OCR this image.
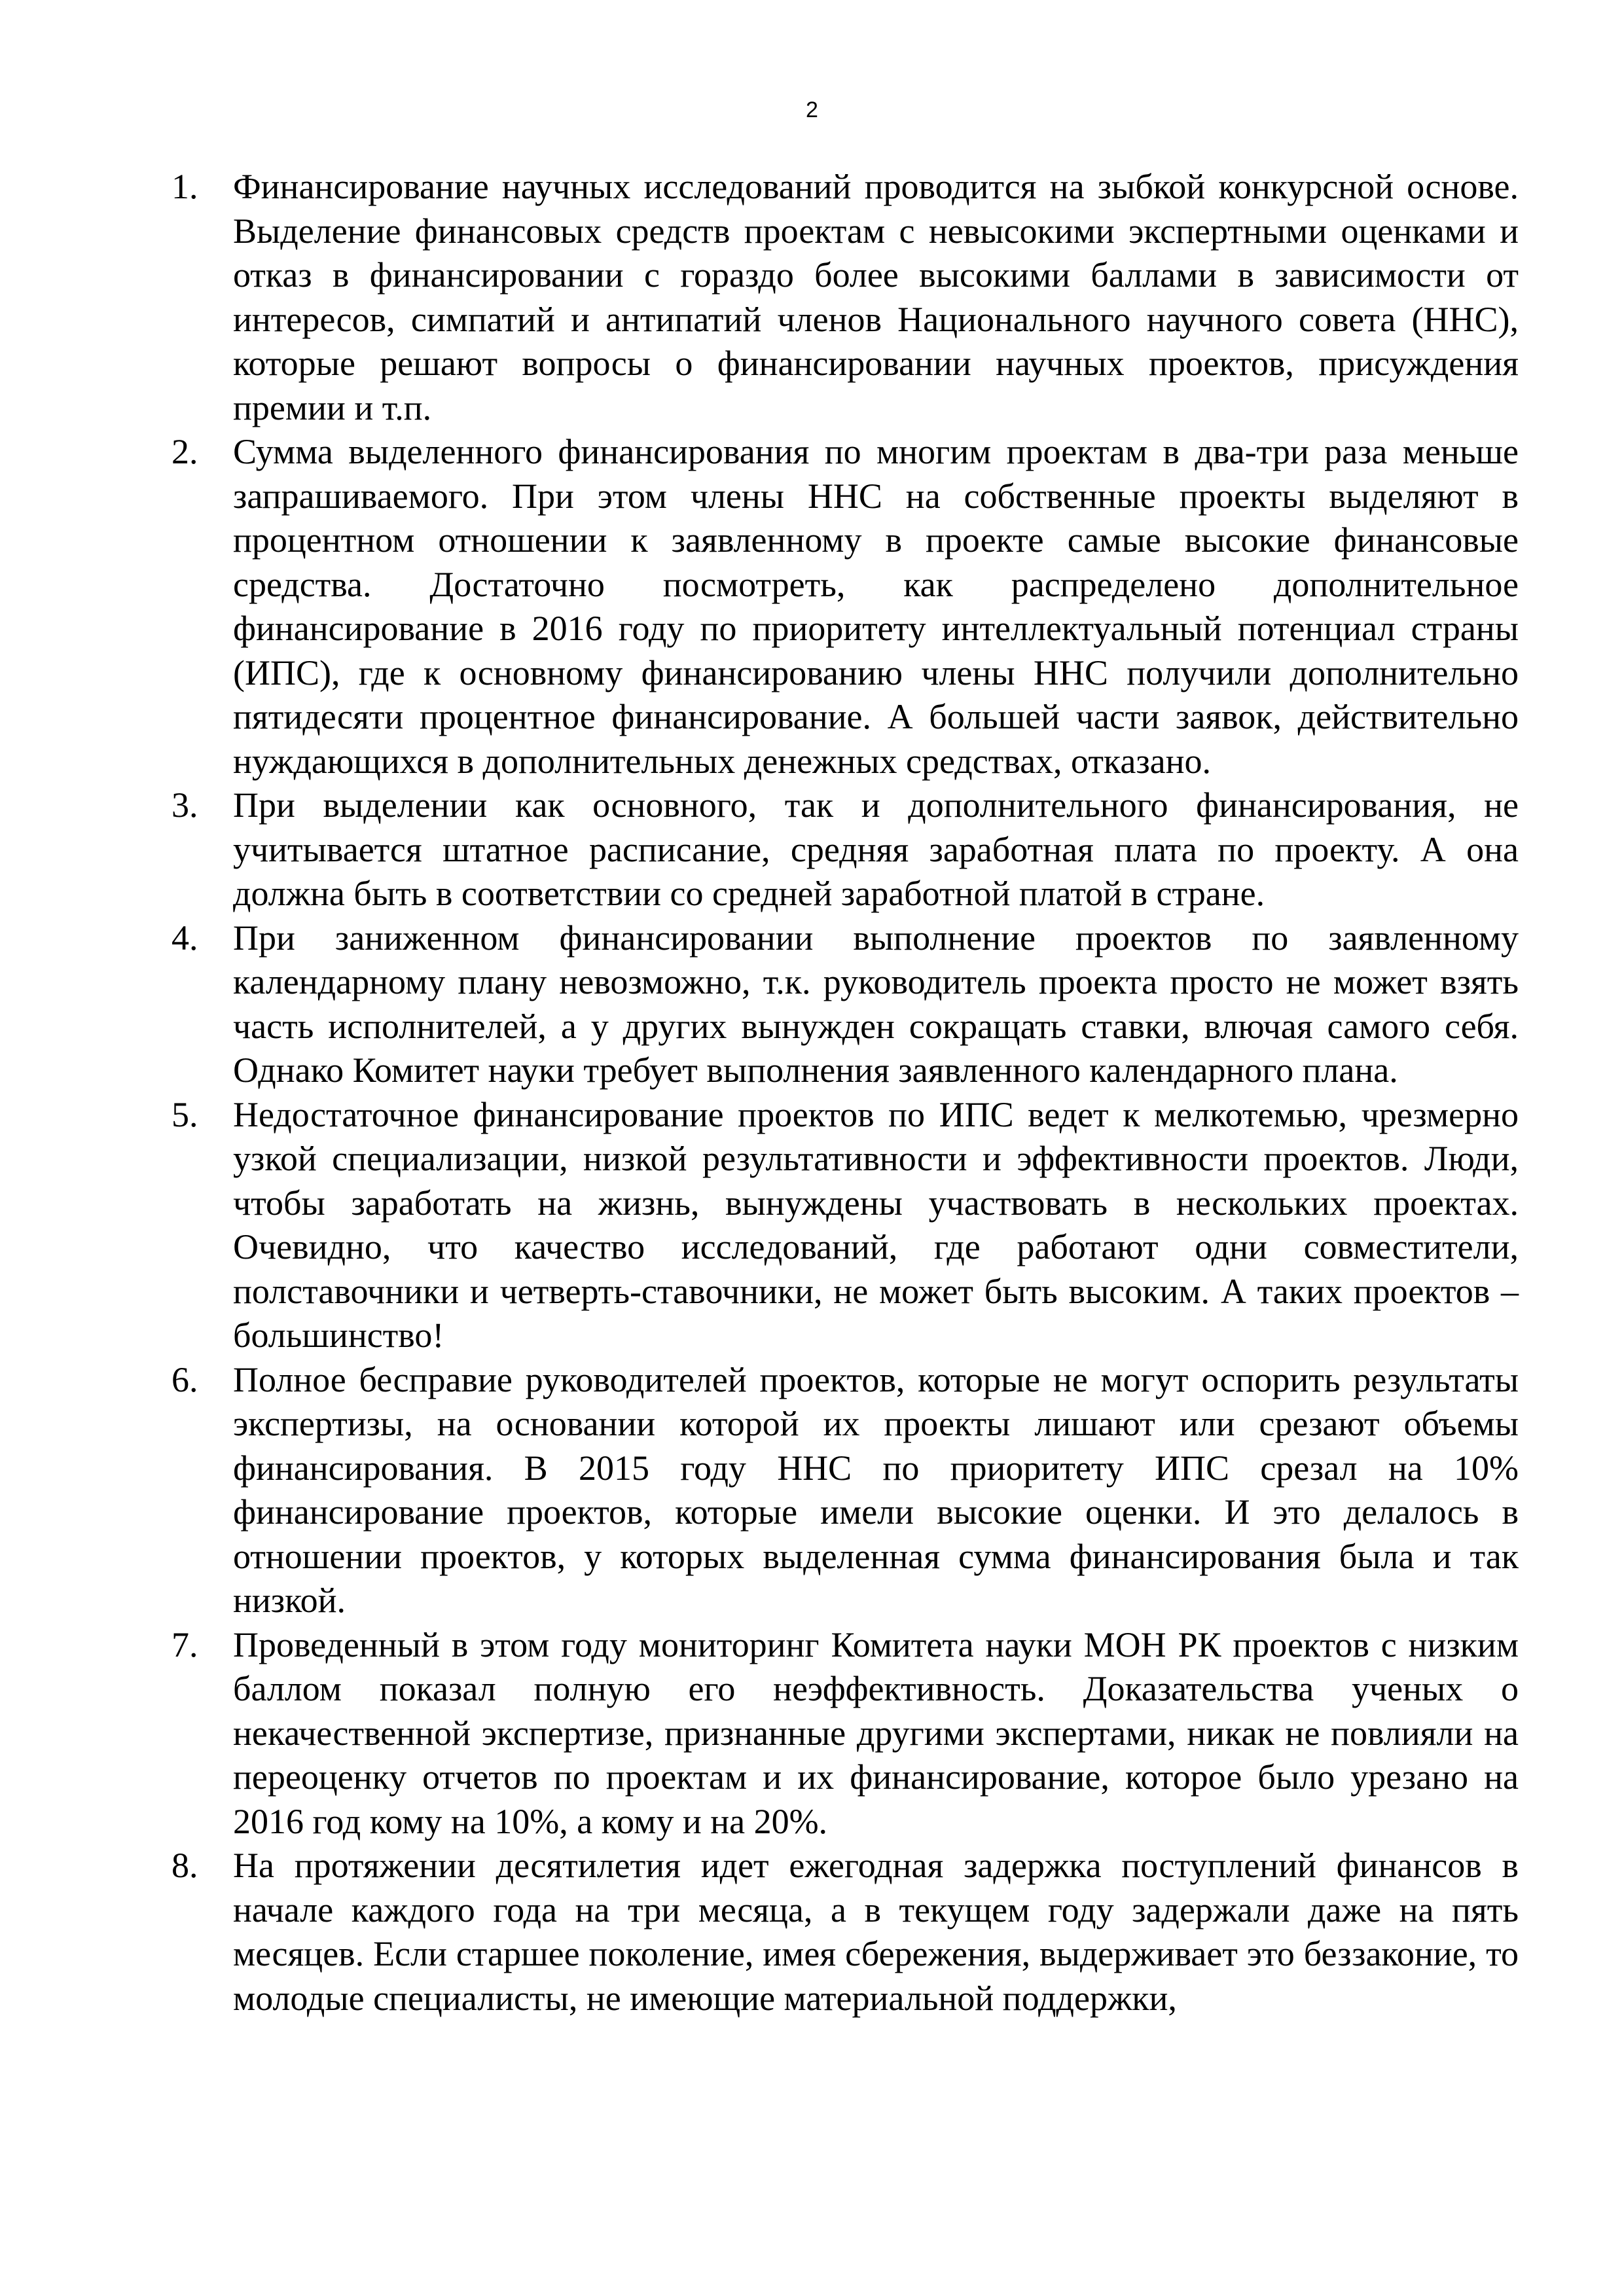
2
1. Финансирование научных исследований проводится на зыбкой конкурсной основе. Выделение финансовых средств проектам с невысокими экспертными оценками и отказ в финансировании с гораздо более высокими баллами в зависимости от интересов, симпатий и антипатий членов Национального научного совета (ННС), которые решают вопросы о финансировании научных проектов, присуждения премии и т.п.
2. Сумма выделенного финансирования по многим проектам в два-три раза меньше запрашиваемого. При этом члены ННС на собственные проекты выделяют в процентном отношении к заявленному в проекте самые высокие финансовые средства. Достаточно посмотреть, как распределено дополнительное финансирование в 2016 году по приоритету интеллектуальный потенциал страны (ИПС), где к основному финансированию члены ННС получили дополнительно пятидесяти процентное финансирование. А большей части заявок, действительно нуждающихся в дополнительных денежных средствах, отказано.
3. При выделении как основного, так и дополнительного финансирования, не учитывается штатное расписание, средняя заработная плата по проекту. А она должна быть в соответствии со средней заработной платой в стране.
4. При заниженном финансировании выполнение проектов по заявленному календарному плану невозможно, т.к. руководитель проекта просто не может взять часть исполнителей, а у других вынужден сокращать ставки, влючая самого себя. Однако Комитет науки требует выполнения заявленного календарного плана.
5. Недостаточное финансирование проектов по ИПС ведет к мелкотемью, чрезмерно узкой специализации, низкой результативности и эффективности проектов. Люди, чтобы заработать на жизнь, вынуждены участвовать в нескольких проектах. Очевидно, что качество исследований, где работают одни совместители, полставочники и четверть-ставочники, не может быть высоким. А таких проектов – большинство!
6. Полное бесправие руководителей проектов, которые не могут оспорить результаты экспертизы, на основании которой их проекты лишают или срезают объемы финансирования. В 2015 году ННС по приоритету ИПС срезал на 10% финансирование проектов, которые имели высокие оценки. И это делалось в отношении проектов, у которых выделенная сумма финансирования была и так низкой.
7. Проведенный в этом году мониторинг Комитета науки МОН РК проектов с низким баллом показал полную его неэффективность. Доказательства ученых о некачественной экспертизе, признанные другими экспертами, никак не повлияли на переоценку отчетов по проектам и их финансирование, которое было урезано на 2016 год кому на 10%, а кому и на 20%.
8. На протяжении десятилетия идет ежегодная задержка поступлений финансов в начале каждого года на три месяца, а в текущем году задержали даже на пять месяцев. Если старшее поколение, имея сбережения, выдерживает это беззаконие, то молодые специалисты, не имеющие материальной поддержки,
